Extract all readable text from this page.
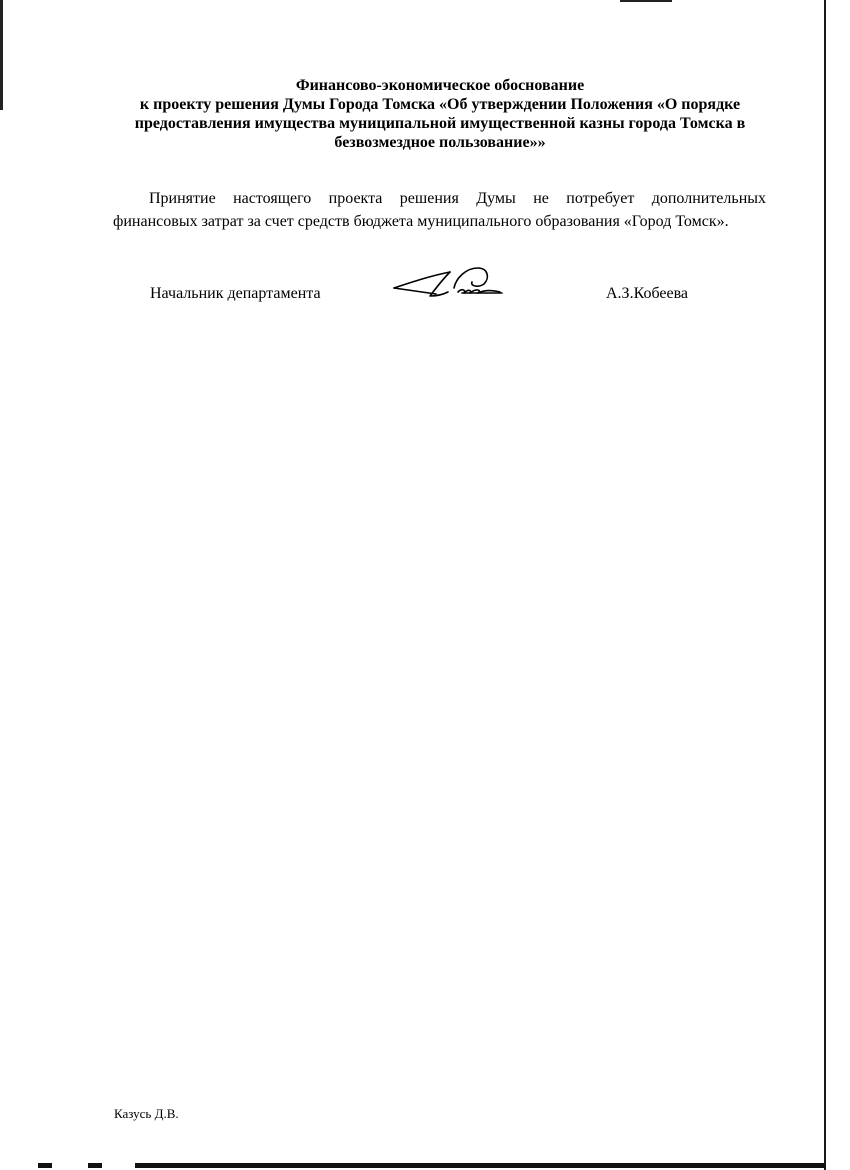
Финансово-экономическое обоснование
к проекту решения Думы Города Томска «Об утверждении Положения «О порядке
предоставления имущества муниципальной имущественной казны города Томска в
безвозмездное пользование»»
Принятие настоящего проекта решения Думы не потребует дополнительных
финансовых затрат за счет средств бюджета муниципального образования «Город Томск».
Начальник департамента	А.З.Кобеева
Казусь Д.В.
